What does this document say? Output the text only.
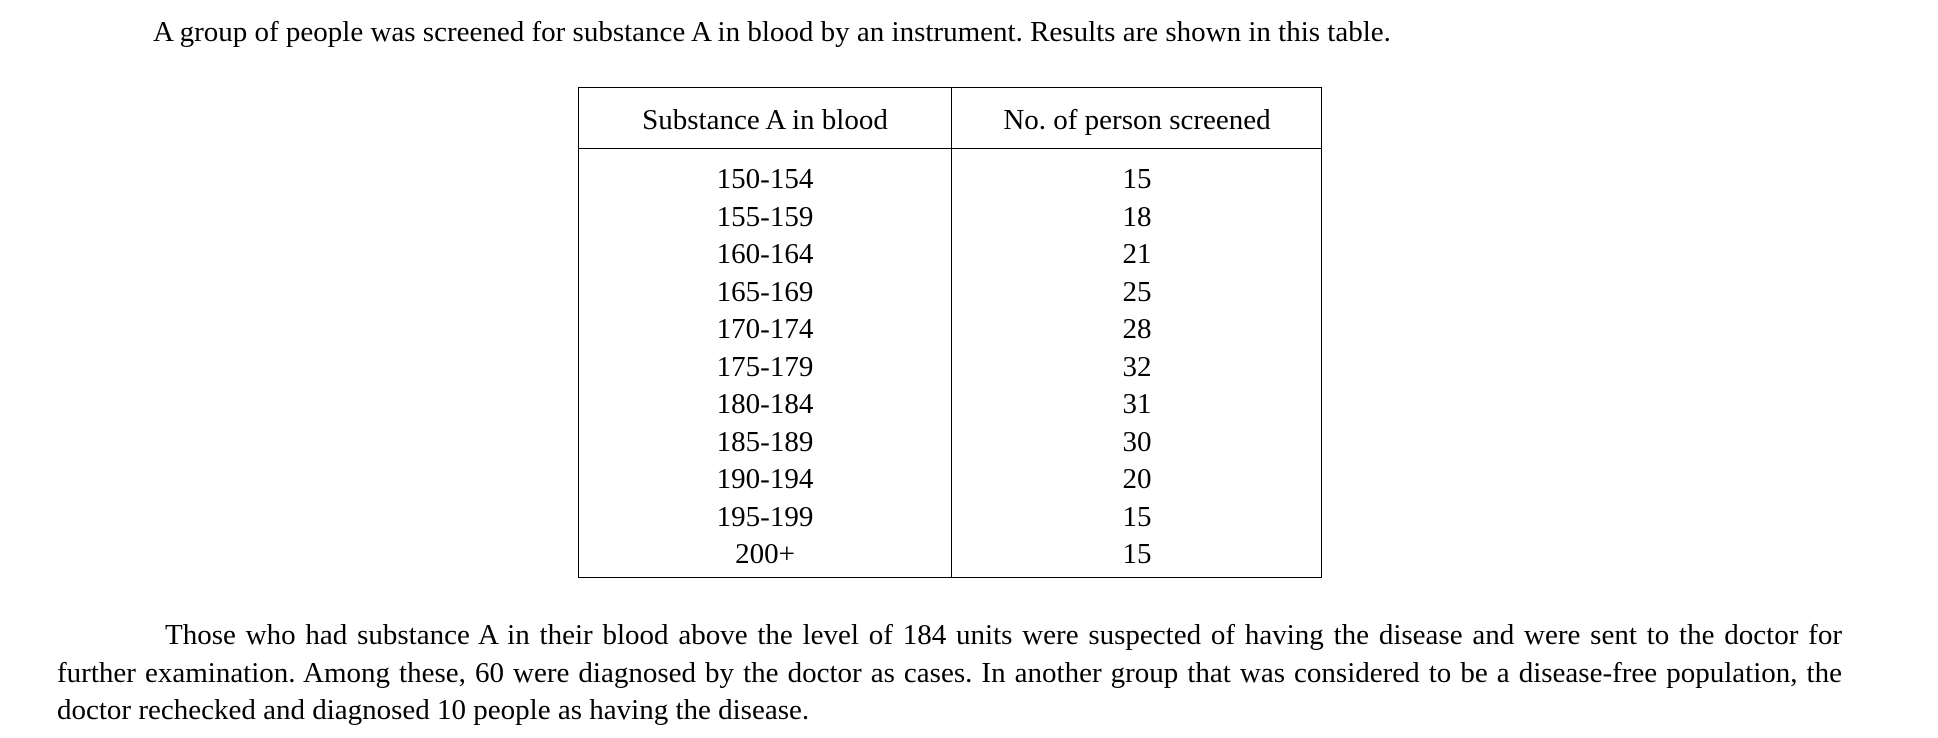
A group of people was screened for substance A in blood by an instrument. Results are shown in this table.

Substance A in blood	No. of person screened
150-154	15
155-159	18
160-164	21
165-169	25
170-174	28
175-179	32
180-184	31
185-189	30
190-194	20
195-199	15
200+	15

Those who had substance A in their blood above the level of 184 units were suspected of having the disease and were sent to the doctor for further examination. Among these, 60 were diagnosed by the doctor as cases. In another group that was considered to be a disease-free population, the doctor rechecked and diagnosed 10 people as having the disease.
